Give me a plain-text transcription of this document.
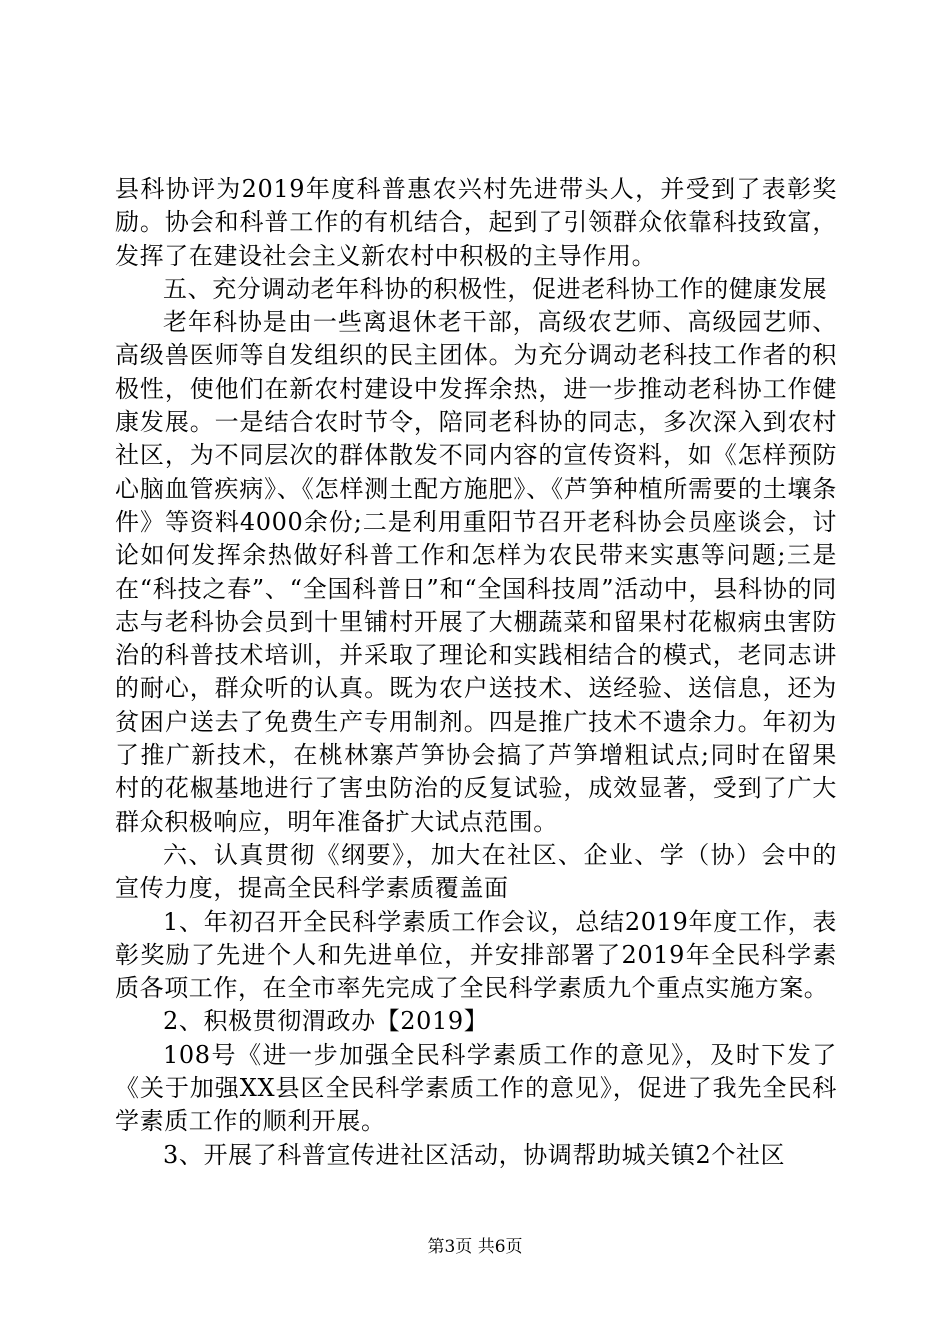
县科协评为2019年度科普惠农兴村先进带头人，并受到了表彰奖励。协会和科普工作的有机结合，起到了引领群众依靠科技致富，发挥了在建设社会主义新农村中积极的主导作用。

五、充分调动老年科协的积极性，促进老科协工作的健康发展

老年科协是由一些离退休老干部，高级农艺师、高级园艺师、高级兽医师等自发组织的民主团体。为充分调动老科技工作者的积极性，使他们在新农村建设中发挥余热，进一步推动老科协工作健康发展。一是结合农时节令，陪同老科协的同志，多次深入到农村社区，为不同层次的群体散发不同内容的宣传资料，如《怎样预防心脑血管疾病》、《怎样测土配方施肥》、《芦笋种植所需要的土壤条件》等资料4000余份;二是利用重阳节召开老科协会员座谈会，讨论如何发挥余热做好科普工作和怎样为农民带来实惠等问题;三是在“科技之春”、“全国科普日”和“全国科技周”活动中，县科协的同志与老科协会员到十里铺村开展了大棚蔬菜和留果村花椒病虫害防治的科普技术培训，并采取了理论和实践相结合的模式，老同志讲的耐心，群众听的认真。既为农户送技术、送经验、送信息，还为贫困户送去了免费生产专用制剂。四是推广技术不遗余力。年初为了推广新技术，在桃林寨芦笋协会搞了芦笋增粗试点;同时在留果村的花椒基地进行了害虫防治的反复试验，成效显著，受到了广大群众积极响应，明年准备扩大试点范围。

六、认真贯彻《纲要》，加大在社区、企业、学（协）会中的宣传力度，提高全民科学素质覆盖面

1、年初召开全民科学素质工作会议，总结2019年度工作，表彰奖励了先进个人和先进单位，并安排部署了2019年全民科学素质各项工作，在全市率先完成了全民科学素质九个重点实施方案。

2、积极贯彻渭政办【2019】

108号《进一步加强全民科学素质工作的意见》，及时下发了《关于加强XX县区全民科学素质工作的意见》，促进了我先全民科学素质工作的顺利开展。

3、开展了科普宣传进社区活动，协调帮助城关镇2个社区

第3页 共6页
